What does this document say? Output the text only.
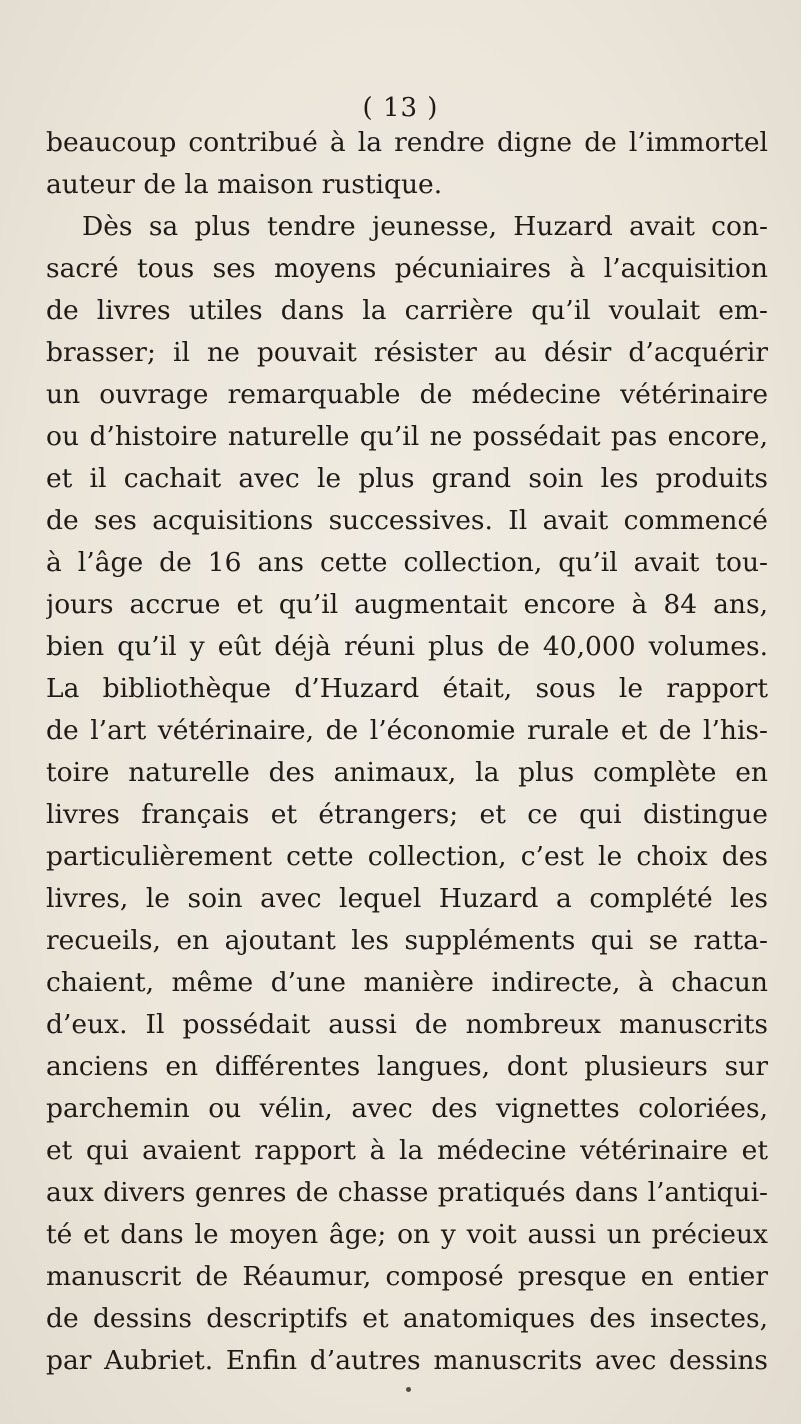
( 13 )
beaucoup contribué à la rendre digne de l’immortel
auteur de la maison rustique.
Dès sa plus tendre jeunesse, Huzard avait con-
sacré tous ses moyens pécuniaires à l’acquisition
de livres utiles dans la carrière qu’il voulait em-
brasser; il ne pouvait résister au désir d’acquérir
un ouvrage remarquable de médecine vétérinaire
ou d’histoire naturelle qu’il ne possédait pas encore,
et il cachait avec le plus grand soin les produits
de ses acquisitions successives. Il avait commencé
à l’âge de 16 ans cette collection, qu’il avait tou-
jours accrue et qu’il augmentait encore à 84 ans,
bien qu’il y eût déjà réuni plus de 40,000 volumes.
La bibliothèque d’Huzard était, sous le rapport
de l’art vétérinaire, de l’économie rurale et de l’his-
toire naturelle des animaux, la plus complète en
livres français et étrangers; et ce qui distingue
particulièrement cette collection, c’est le choix des
livres, le soin avec lequel Huzard a complété les
recueils, en ajoutant les suppléments qui se ratta-
chaient, même d’une manière indirecte, à chacun
d’eux. Il possédait aussi de nombreux manuscrits
anciens en différentes langues, dont plusieurs sur
parchemin ou vélin, avec des vignettes coloriées,
et qui avaient rapport à la médecine vétérinaire et
aux divers genres de chasse pratiqués dans l’antiqui-
té et dans le moyen âge; on y voit aussi un précieux
manuscrit de Réaumur, composé presque en entier
de dessins descriptifs et anatomiques des insectes,
par Aubriet. Enfin d’autres manuscrits avec dessins
